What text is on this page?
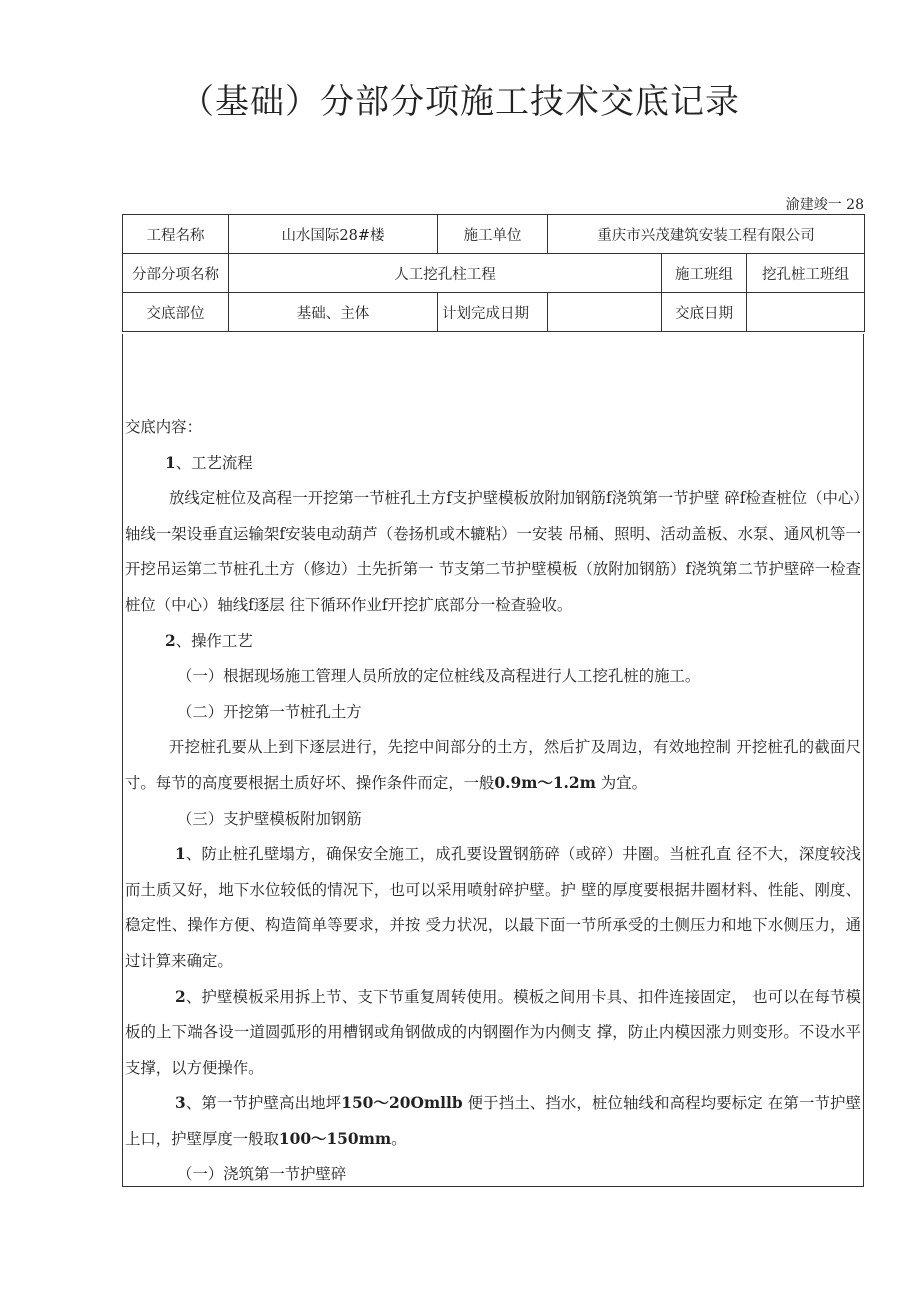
（基础）分部分项施工技术交底记录
渝建竣一 28
工程名称	山水国际28#楼	施工单位	重庆市兴茂建筑安装工程有限公司		
分部分项名称	人工挖孔柱工程			施工班组	挖孔桩工班组
交底部位	基础、主体	计划完成日期		交底日期	

交底内容：

1、工艺流程

放线定桩位及高程一开挖第一节桩孔土方f支护壁模板放附加钢筋f浇筑第一节护壁 碎f检查桩位（中心）轴线一架设垂直运输架f安装电动葫芦（卷扬机或木辘粘）一安装 吊桶、照明、活动盖板、水泵、通风机等一开挖吊运第二节桩孔土方（修边）土先折第一 节支第二节护壁模板（放附加钢筋）f浇筑第二节护壁碎一检查桩位（中心）轴线f逐层 往下循环作业f开挖扩底部分一检查验收。

2、操作工艺

（一）根据现场施工管理人员所放的定位桩线及高程进行人工挖孔桩的施工。

（二）开挖第一节桩孔土方

开挖桩孔要从上到下逐层进行，先挖中间部分的土方，然后扩及周边，有效地控制 开挖桩孔的截面尺寸。每节的高度要根据土质好坏、操作条件而定，一般0.9m～1.2m 为宜。

（三）支护壁模板附加钢筋

1、防止桩孔壁塌方，确保安全施工，成孔要设置钢筋碎（或碎）井圈。当桩孔直 径不大，深度较浅而土质又好，地下水位较低的情况下，也可以采用喷射碎护壁。护 壁的厚度要根据井圈材料、性能、刚度、稳定性、操作方便、构造简单等要求，并按 受力状况，以最下面一节所承受的土侧压力和地下水侧压力，通过计算来确定。

2、护壁模板采用拆上节、支下节重复周转使用。模板之间用卡具、扣件连接固定， 也可以在每节模板的上下端各设一道圆弧形的用槽钢或角钢做成的内钢圈作为内侧支 撑，防止内模因涨力则变形。不设水平支撑，以方便操作。

3、第一节护壁高出地坪150～20Omllb 便于挡土、挡水，桩位轴线和高程均要标定 在第一节护壁上口，护壁厚度一般取100～150mm。

（一）浇筑第一节护壁碎
